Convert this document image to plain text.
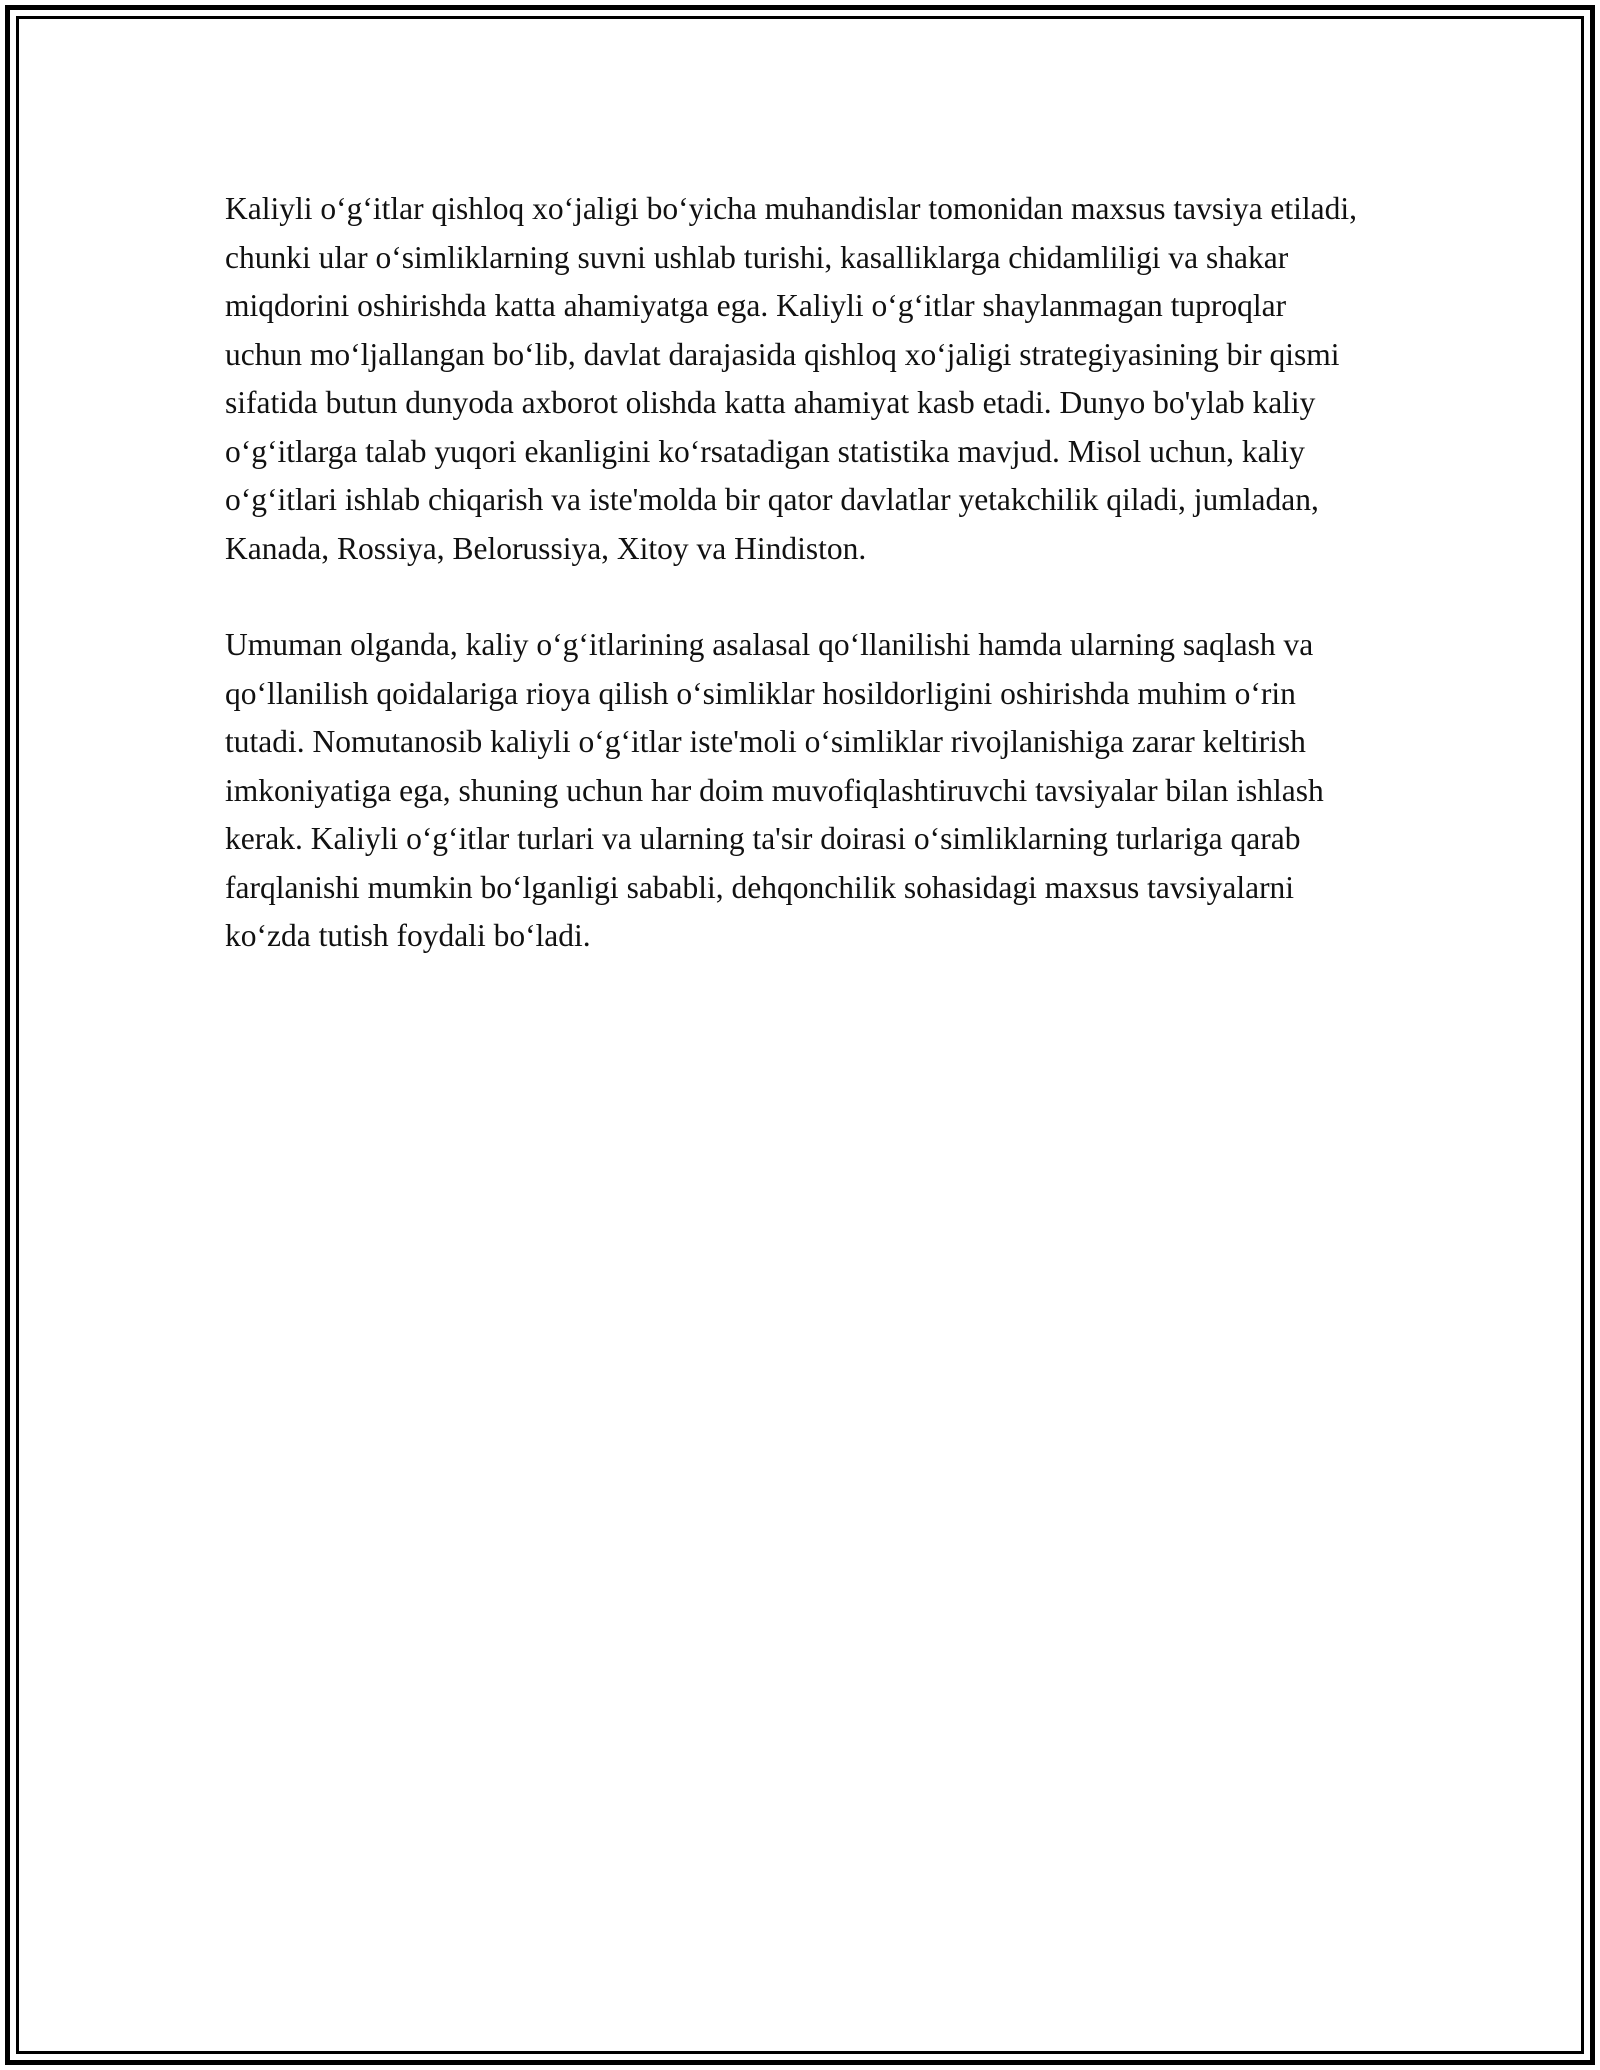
Kaliyli o‘g‘itlar qishloq xo‘jaligi bo‘yicha muhandislar tomonidan maxsus tavsiya etiladi, chunki ular o‘simliklarning suvni ushlab turishi, kasalliklarga chidamliligi va shakar miqdorini oshirishda katta ahamiyatga ega. Kaliyli o‘g‘itlar shaylanmagan tuproqlar uchun mo‘ljallangan bo‘lib, davlat darajasida qishloq xo‘jaligi strategiyasining bir qismi sifatida butun dunyoda axborot olishda katta ahamiyat kasb etadi. Dunyo bo'ylab kaliy o‘g‘itlarga talab yuqori ekanligini ko‘rsatadigan statistika mavjud. Misol uchun, kaliy o‘g‘itlari ishlab chiqarish va iste'molda bir qator davlatlar yetakchilik qiladi, jumladan, Kanada, Rossiya, Belorussiya, Xitoy va Hindiston.

Umuman olganda, kaliy o‘g‘itlarining asalasal qo‘llanilishi hamda ularning saqlash va qo‘llanilish qoidalariga rioya qilish o‘simliklar hosildorligini oshirishda muhim o‘rin tutadi. Nomutanosib kaliyli o‘g‘itlar iste'moli o‘simliklar rivojlanishiga zarar keltirish imkoniyatiga ega, shuning uchun har doim muvofiqlashtiruvchi tavsiyalar bilan ishlash kerak. Kaliyli o‘g‘itlar turlari va ularning ta'sir doirasi o‘simliklarning turlariga qarab farqlanishi mumkin bo‘lganligi sababli, dehqonchilik sohasidagi maxsus tavsiyalarni ko‘zda tutish foydali bo‘ladi.
